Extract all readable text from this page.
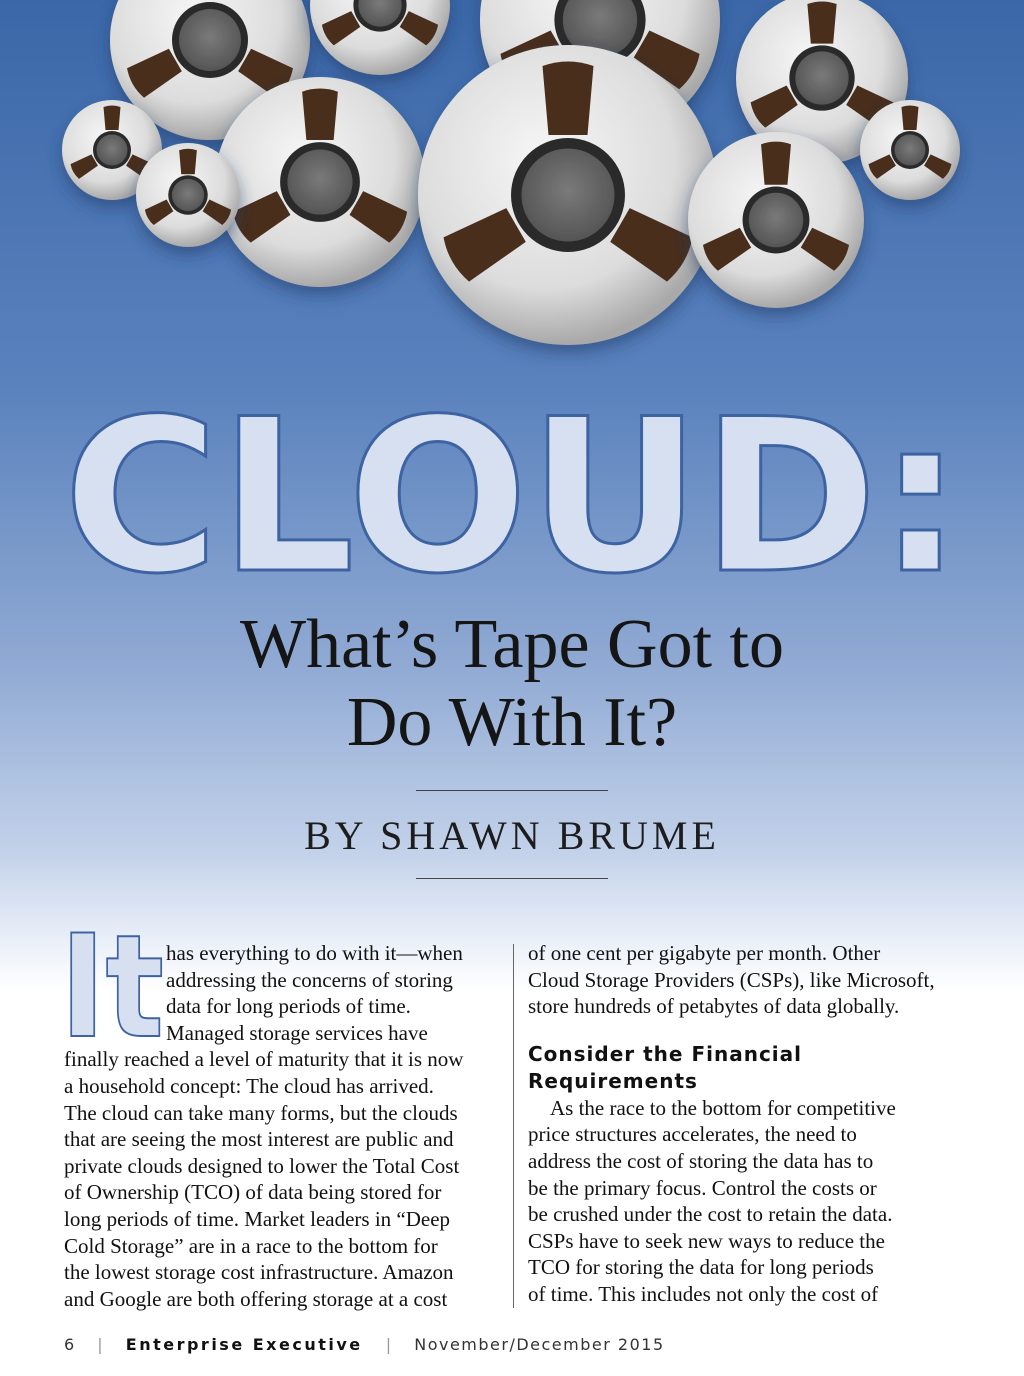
CLOUD:
What’s Tape Got to
Do With It?
BY SHAWN BRUME
It has everything to do with it—when
addressing the concerns of storing
data for long periods of time.
Managed storage services have
finally reached a level of maturity that it is now
a household concept: The cloud has arrived.
The cloud can take many forms, but the clouds
that are seeing the most interest are public and
private clouds designed to lower the Total Cost
of Ownership (TCO) of data being stored for
long periods of time. Market leaders in “Deep
Cold Storage” are in a race to the bottom for
the lowest storage cost infrastructure. Amazon
and Google are both offering storage at a cost
of one cent per gigabyte per month. Other
Cloud Storage Providers (CSPs), like Microsoft,
store hundreds of petabytes of data globally.
Consider the Financial
Requirements
As the race to the bottom for competitive
price structures accelerates, the need to
address the cost of storing the data has to
be the primary focus. Control the costs or
be crushed under the cost to retain the data.
CSPs have to seek new ways to reduce the
TCO for storing the data for long periods
of time. This includes not only the cost of
6 | Enterprise Executive | November/December 2015
